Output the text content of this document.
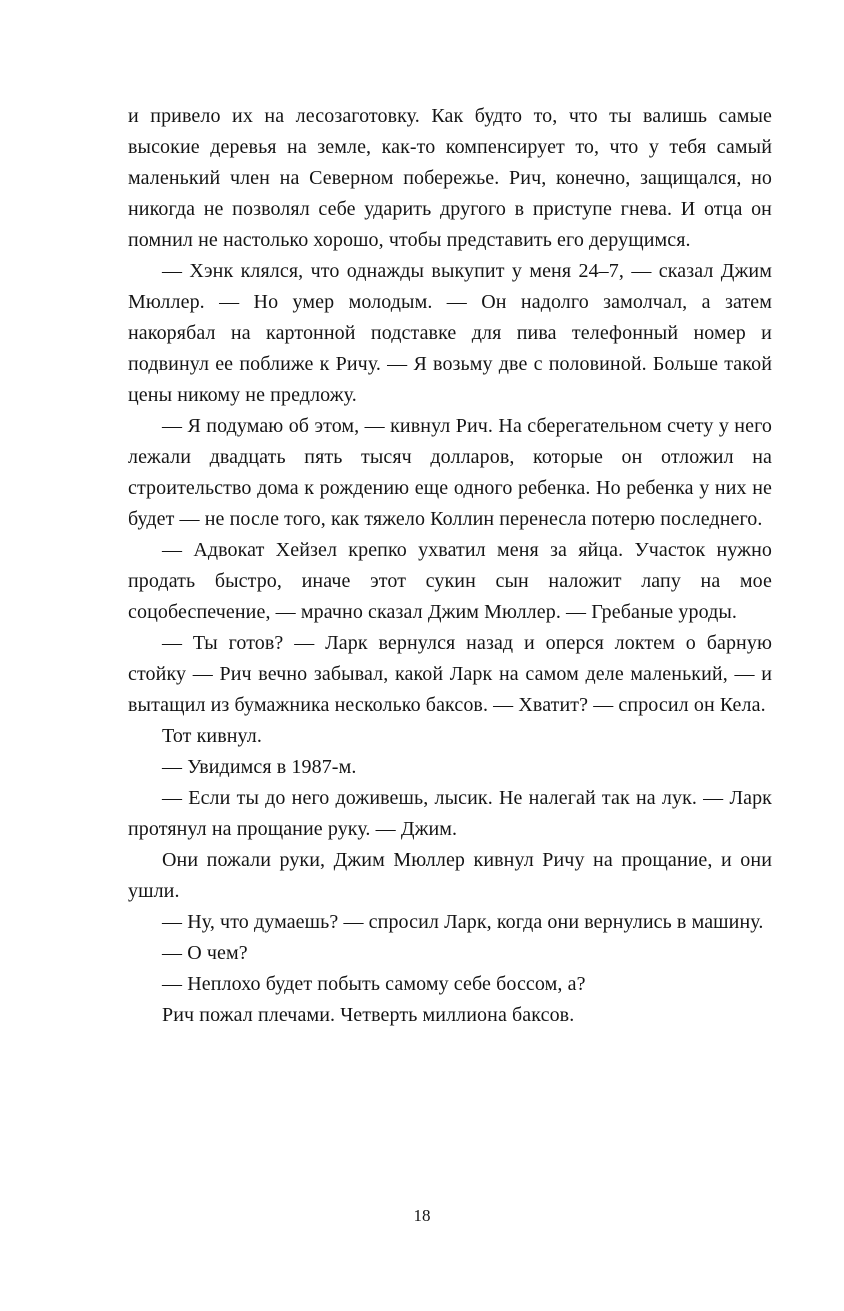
и привело их на лесозаготовку. Как будто то, что ты валишь самые высокие деревья на земле, как-то компенсирует то, что у тебя самый маленький член на Северном побережье. Рич, конечно, защищался, но никогда не позволял себе ударить другого в приступе гнева. И отца он помнил не настолько хорошо, чтобы представить его дерущимся.

— Хэнк клялся, что однажды выкупит у меня 24–7, — сказал Джим Мюллер. — Но умер молодым. — Он надолго замолчал, а затем накорябал на картонной подставке для пива телефонный номер и подвинул ее поближе к Ричу. — Я возьму две с половиной. Больше такой цены никому не предложу.

— Я подумаю об этом, — кивнул Рич. На сберегательном счету у него лежали двадцать пять тысяч долларов, которые он отложил на строительство дома к рождению еще одного ребенка. Но ребенка у них не будет — не после того, как тяжело Коллин перенесла потерю последнего.

— Адвокат Хейзел крепко ухватил меня за яйца. Участок нужно продать быстро, иначе этот сукин сын наложит лапу на мое соцобеспечение, — мрачно сказал Джим Мюллер. — Гребаные уроды.

— Ты готов? — Ларк вернулся назад и оперся локтем о барную стойку — Рич вечно забывал, какой Ларк на самом деле маленький, — и вытащил из бумажника несколько баксов. — Хватит? — спросил он Кела.

Тот кивнул.

— Увидимся в 1987-м.

— Если ты до него доживешь, лысик. Не налегай так на лук. — Ларк протянул на прощание руку. — Джим.

Они пожали руки, Джим Мюллер кивнул Ричу на прощание, и они ушли.

— Ну, что думаешь? — спросил Ларк, когда они вернулись в машину.

— О чем?

— Неплохо будет побыть самому себе боссом, а?

Рич пожал плечами. Четверть миллиона баксов.

18
